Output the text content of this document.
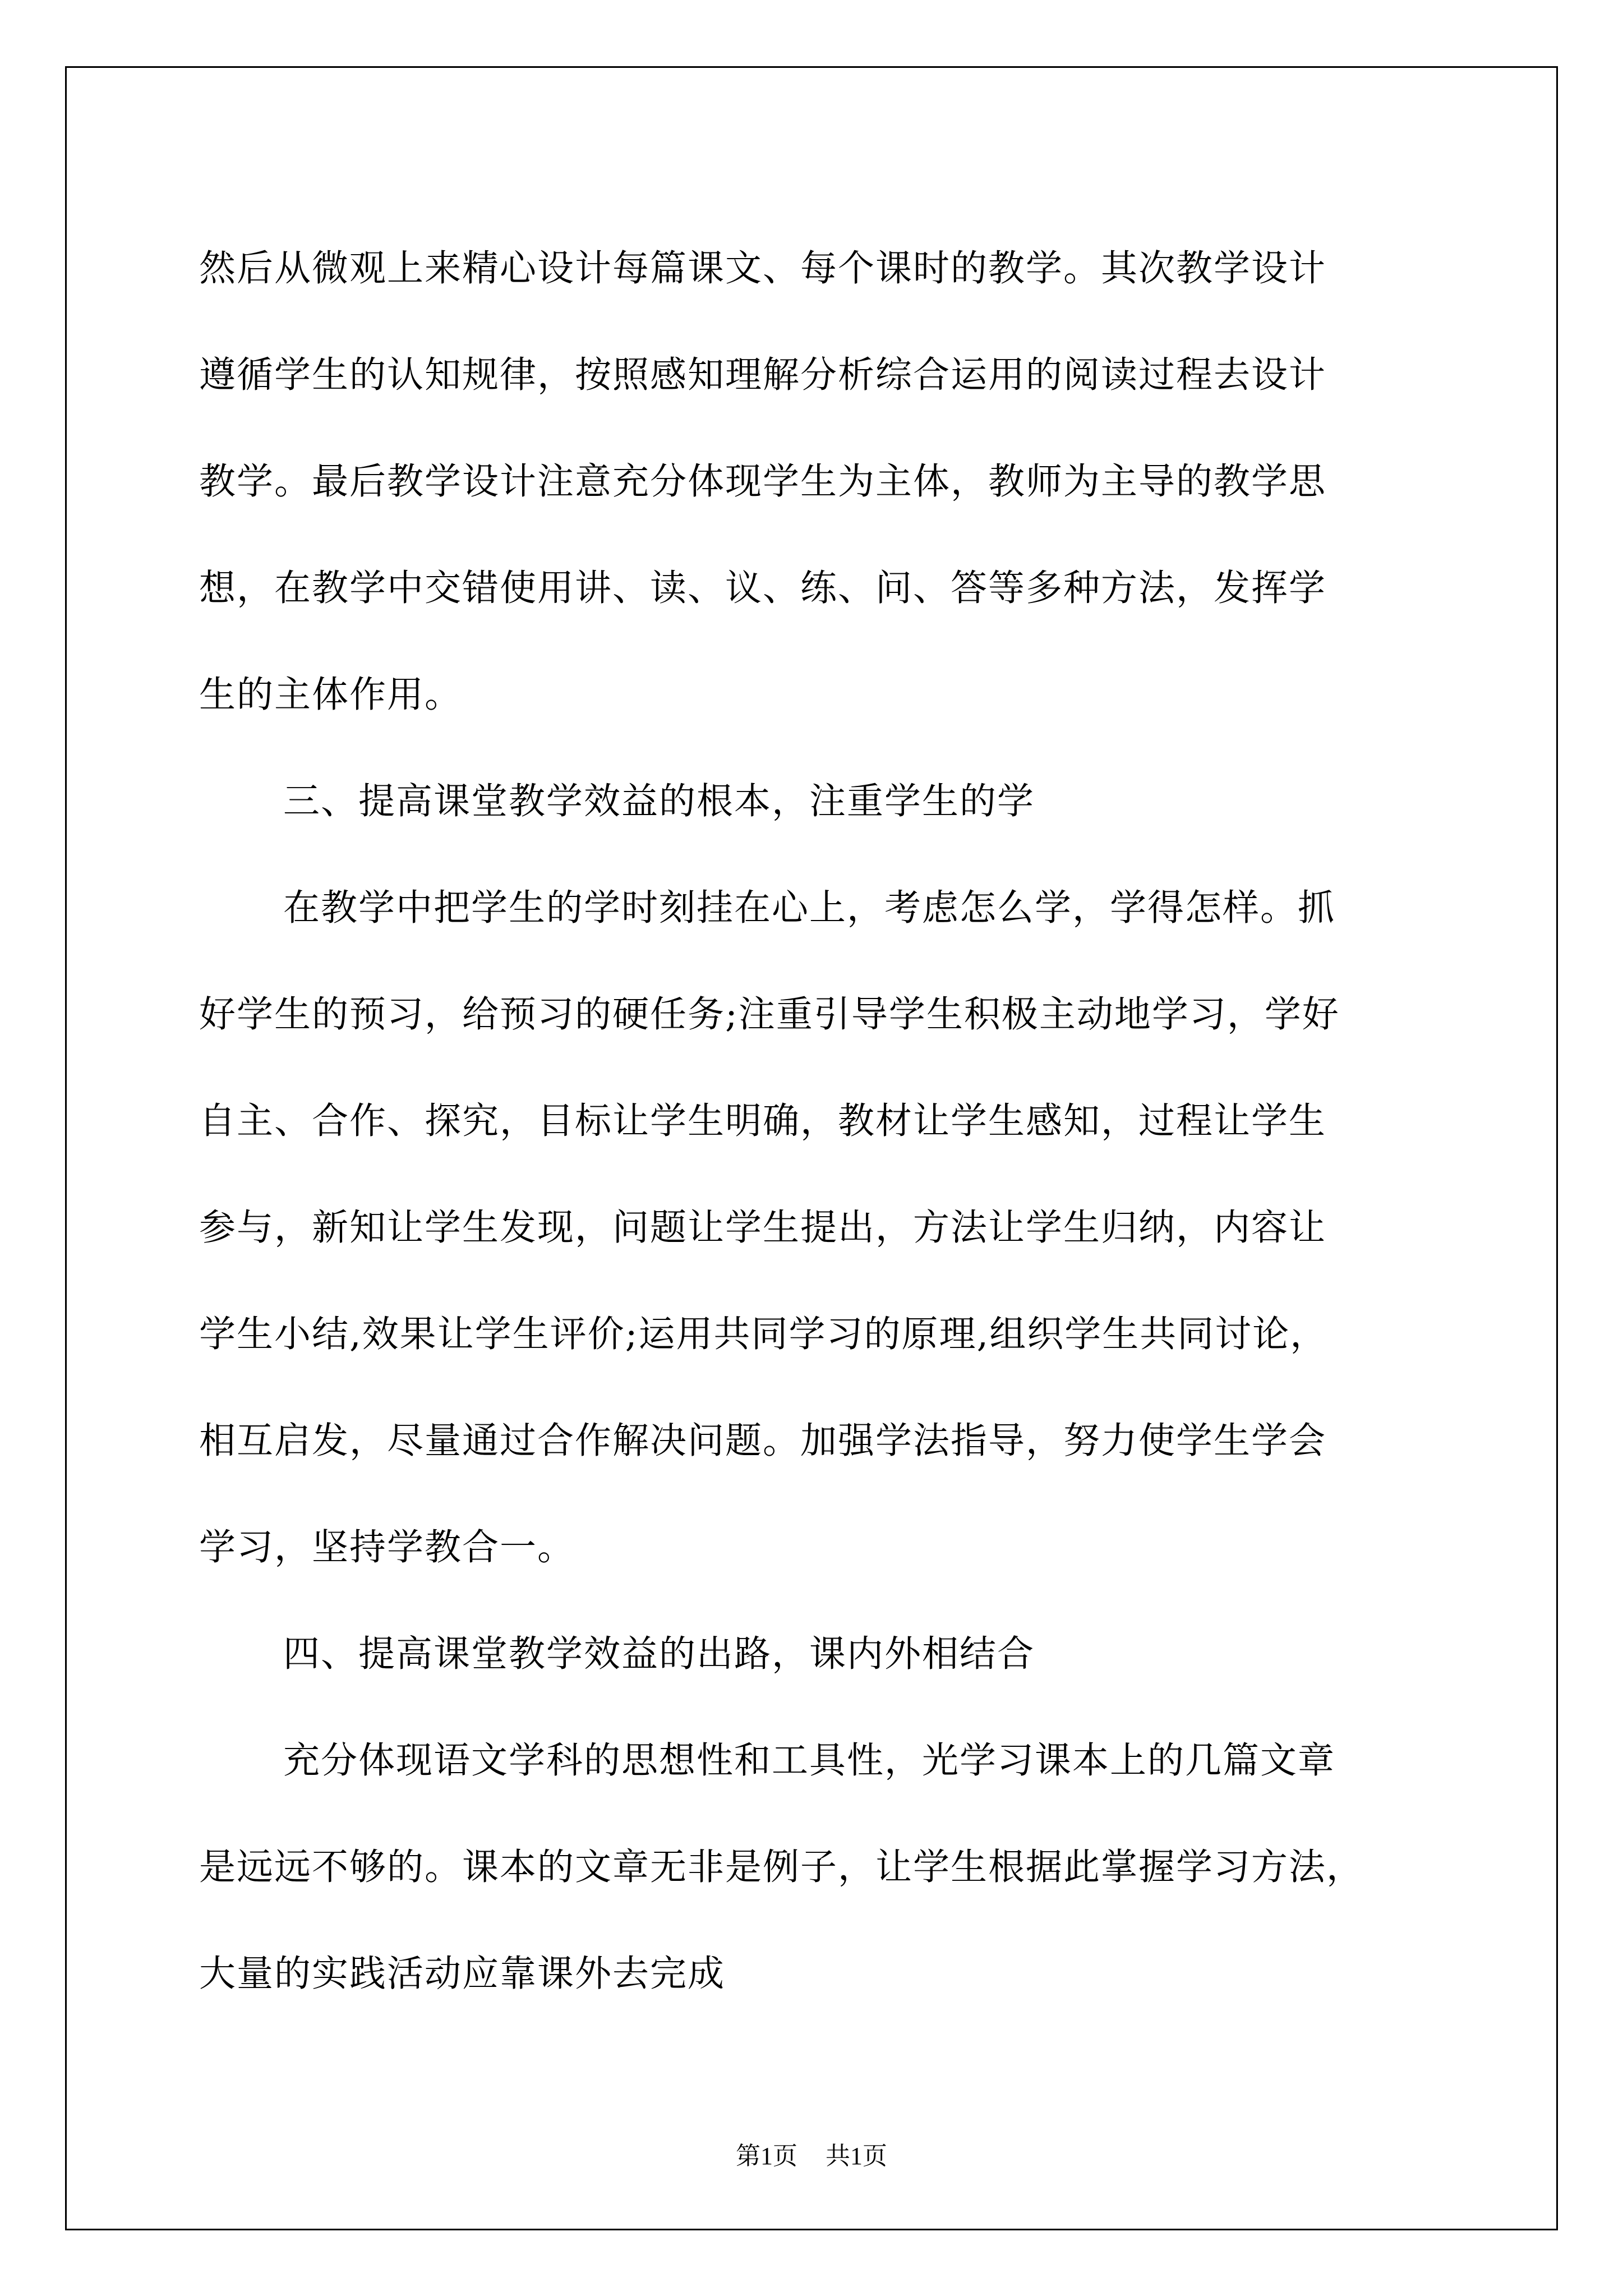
然后从微观上来精心设计每篇课文、每个课时的教学。其次教学设计
遵循学生的认知规律，按照感知理解分析综合运用的阅读过程去设计
教学。最后教学设计注意充分体现学生为主体，教师为主导的教学思
想，在教学中交错使用讲、读、议、练、问、答等多种方法，发挥学
生的主体作用。
三、提高课堂教学效益的根本，注重学生的学
在教学中把学生的学时刻挂在心上，考虑怎么学，学得怎样。抓
好学生的预习，给预习的硬任务;注重引导学生积极主动地学习，学好
自主、合作、探究，目标让学生明确，教材让学生感知，过程让学生
参与，新知让学生发现，问题让学生提出，方法让学生归纳，内容让
学生小结,效果让学生评价;运用共同学习的原理,组织学生共同讨论，
相互启发，尽量通过合作解决问题。加强学法指导，努力使学生学会
学习，坚持学教合一。
四、提高课堂教学效益的出路，课内外相结合
充分体现语文学科的思想性和工具性，光学习课本上的几篇文章
是远远不够的。课本的文章无非是例子，让学生根据此掌握学习方法，
大量的实践活动应靠课外去完成
第1页 共1页
